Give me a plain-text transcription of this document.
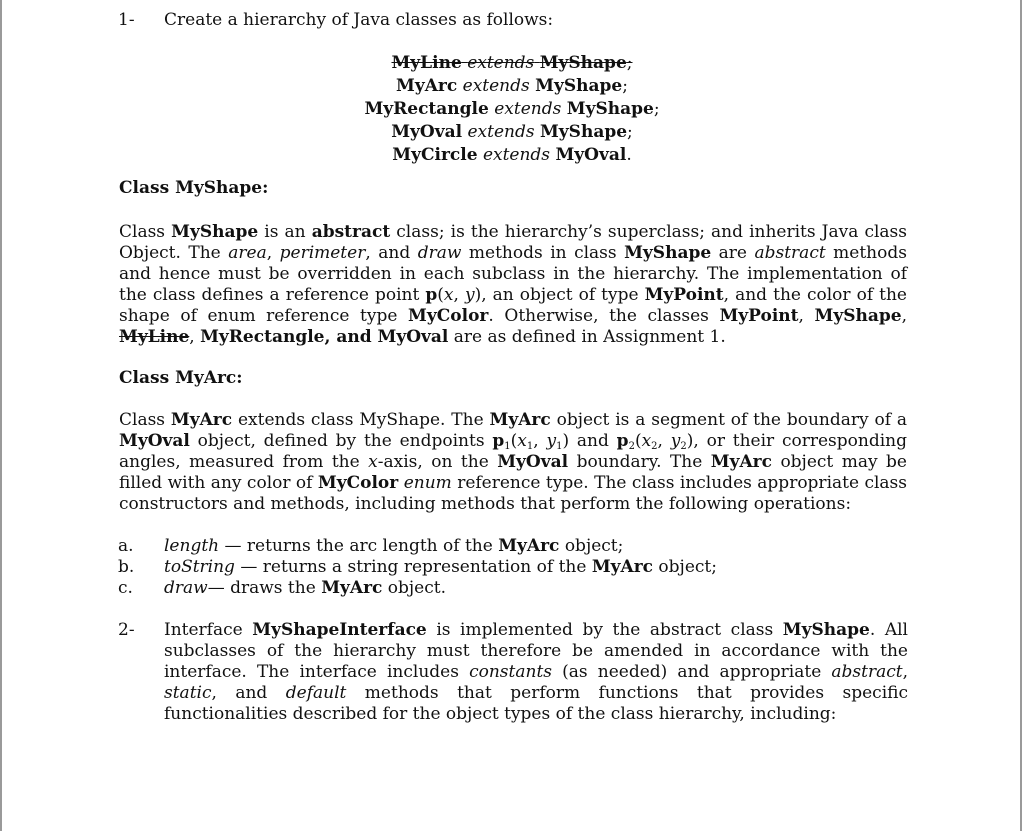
1- Create a hierarchy of Java classes as follows:
MyLine extends MyShape;
MyArc extends MyShape;
MyRectangle extends MyShape;
MyOval extends MyShape;
MyCircle extends MyOval.
Class MyShape:
Class MyShape is an abstract class; is the hierarchy’s superclass; and inherits Java class Object. The area, perimeter, and draw methods in class MyShape are abstract methods and hence must be overridden in each subclass in the hierarchy. The implementation of the class defines a reference point p(x, y), an object of type MyPoint, and the color of the shape of enum reference type MyColor. Otherwise, the classes MyPoint, MyShape, MyLine, MyRectangle, and MyOval are as defined in Assignment 1.
Class MyArc:
Class MyArc extends class MyShape. The MyArc object is a segment of the boundary of a MyOval object, defined by the endpoints $p_1(x_1$, $y_1$) and $p_2(x_2$, $y_2$), or their corresponding angles, measured from the x-axis, on the MyOval boundary. The MyArc object may be filled with any color of MyColor enum reference type. The class includes appropriate class constructors and methods, including methods that perform the following operations:
a. length — returns the arc length of the MyArc object;
b. toString — returns a string representation of the MyArc object;
c. draw— draws the MyArc object.
2- Interface MyShapeInterface is implemented by the abstract class MyShape. All subclasses of the hierarchy must therefore be amended in accordance with the interface. The interface includes constants (as needed) and appropriate abstract, static, and default methods that perform functions that provides specific functionalities described for the object types of the class hierarchy, including:
